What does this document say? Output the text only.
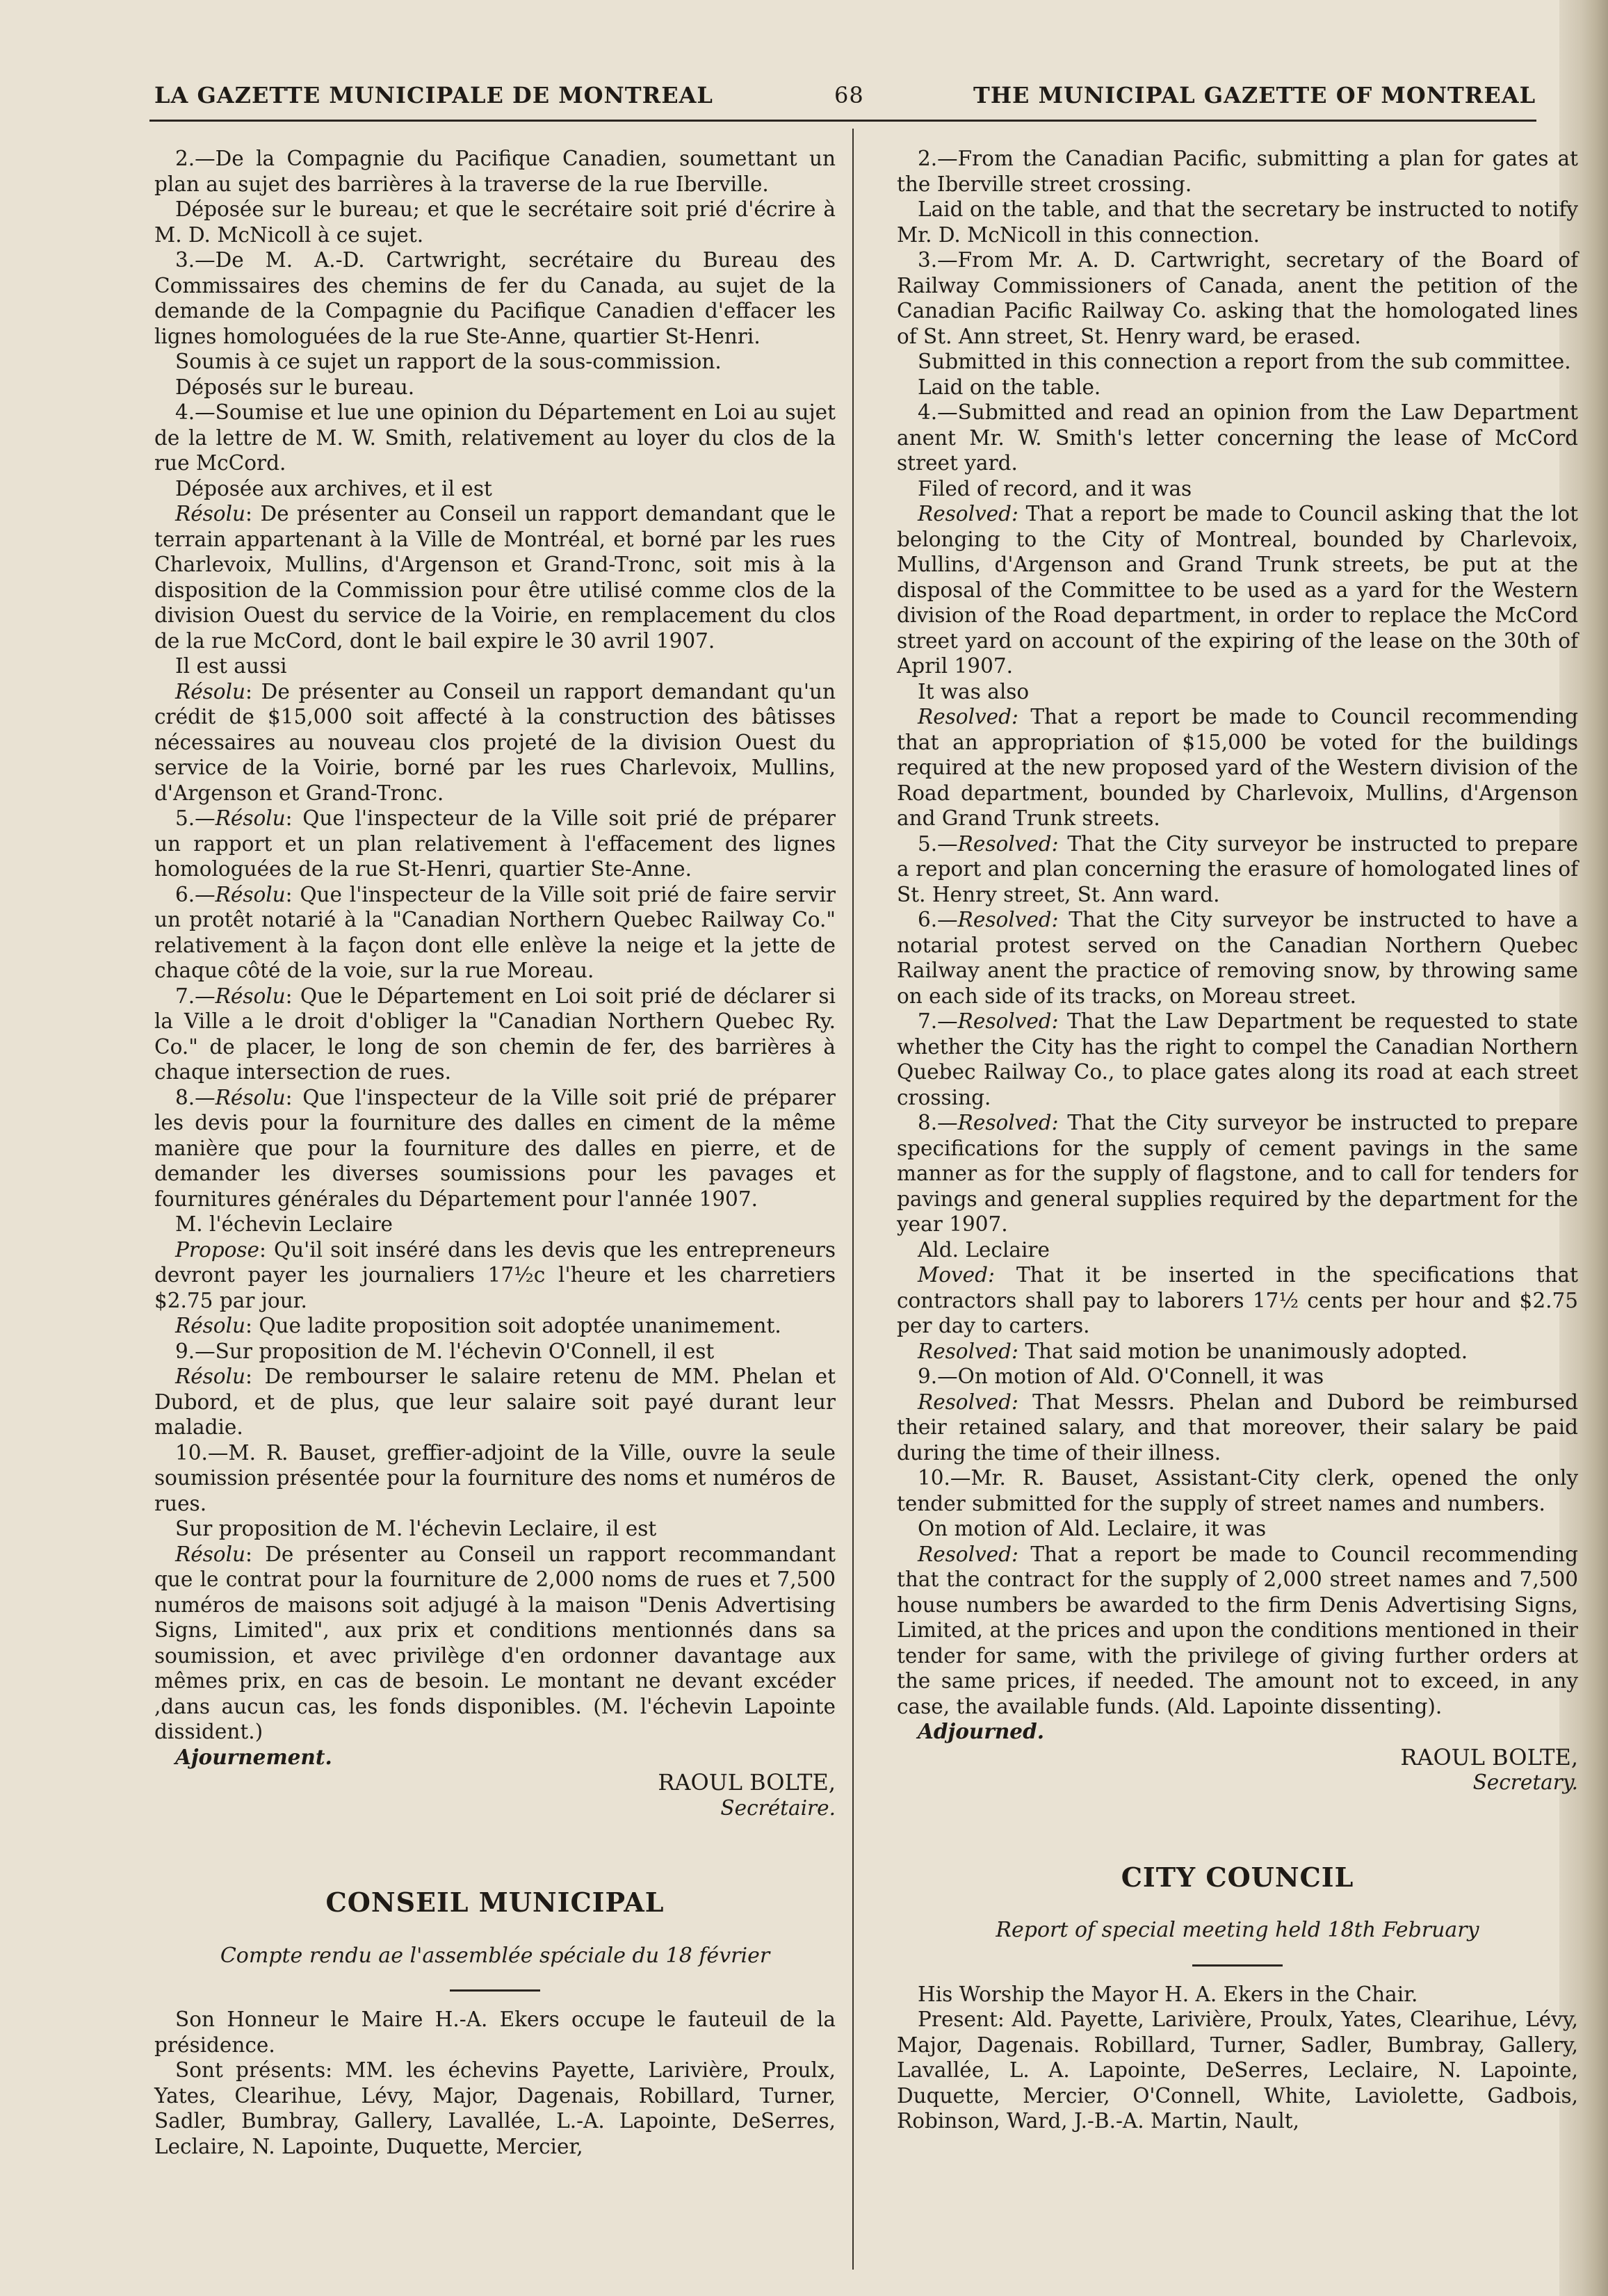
LA GAZETTE MUNICIPALE DE MONTREAL	68	THE MUNICIPAL GAZETTE OF MONTREAL

2.—De la Compagnie du Pacifique Canadien, soumettant un plan au sujet des barrières à la traverse de la rue Iberville.

Déposée sur le bureau; et que le secrétaire soit prié d'écrire à M. D. McNicoll à ce sujet.

3.—De M. A.-D. Cartwright, secrétaire du Bureau des Commissaires des chemins de fer du Canada, au sujet de la demande de la Compagnie du Pacifique Canadien d'effacer les lignes homologuées de la rue Ste-Anne, quartier St-Henri.

Soumis à ce sujet un rapport de la sous-commission.

Déposés sur le bureau.

4.—Soumise et lue une opinion du Département en Loi au sujet de la lettre de M. W. Smith, relativement au loyer du clos de la rue McCord.

Déposée aux archives, et il est

Résolu: De présenter au Conseil un rapport demandant que le terrain appartenant à la Ville de Montréal, et borné par les rues Charlevoix, Mullins, d'Argenson et Grand-Tronc, soit mis à la disposition de la Commission pour être utilisé comme clos de la division Ouest du service de la Voirie, en remplacement du clos de la rue McCord, dont le bail expire le 30 avril 1907.

Il est aussi

Résolu: De présenter au Conseil un rapport demandant qu'un crédit de $15,000 soit affecté à la construction des bâtisses nécessaires au nouveau clos projeté de la division Ouest du service de la Voirie, borné par les rues Charlevoix, Mullins, d'Argenson et Grand-Tronc.

5.—Résolu: Que l'inspecteur de la Ville soit prié de préparer un rapport et un plan relativement à l'effacement des lignes homologuées de la rue St-Henri, quartier Ste-Anne.

6.—Résolu: Que l'inspecteur de la Ville soit prié de faire servir un protêt notarié à la "Canadian Northern Quebec Railway Co." relativement à la façon dont elle enlève la neige et la jette de chaque côté de la voie, sur la rue Moreau.

7.—Résolu: Que le Département en Loi soit prié de déclarer si la Ville a le droit d'obliger la "Canadian Northern Quebec Ry. Co." de placer, le long de son chemin de fer, des barrières à chaque intersection de rues.

8.—Résolu: Que l'inspecteur de la Ville soit prié de préparer les devis pour la fourniture des dalles en ciment de la même manière que pour la fourniture des dalles en pierre, et de demander les diverses soumissions pour les pavages et fournitures générales du Département pour l'année 1907.

M. l'échevin Leclaire

Propose: Qu'il soit inséré dans les devis que les entrepreneurs devront payer les journaliers 17½c l'heure et les charretiers $2.75 par jour.

Résolu: Que ladite proposition soit adoptée unanimement.

9.—Sur proposition de M. l'échevin O'Connell, il est

Résolu: De rembourser le salaire retenu de MM. Phelan et Dubord, et de plus, que leur salaire soit payé durant leur maladie.

10.—M. R. Bauset, greffier-adjoint de la Ville, ouvre la seule soumission présentée pour la fourniture des noms et numéros de rues.

Sur proposition de M. l'échevin Leclaire, il est

Résolu: De présenter au Conseil un rapport recommandant que le contrat pour la fourniture de 2,000 noms de rues et 7,500 numéros de maisons soit adjugé à la maison "Denis Advertising Signs, Limited", aux prix et conditions mentionnés dans sa soumission, et avec privilège d'en ordonner davantage aux mêmes prix, en cas de besoin. Le montant ne devant excéder ,dans aucun cas, les fonds disponibles. (M. l'échevin Lapointe dissident.)

Ajournement.

RAOUL BOLTE,

Secrétaire.

CONSEIL MUNICIPAL

Compte rendu ae l'assemblée spéciale du 18 février

Son Honneur le Maire H.-A. Ekers occupe le fauteuil de la présidence.

Sont présents: MM. les échevins Payette, Larivière, Proulx, Yates, Clearihue, Lévy, Major, Dagenais, Robillard, Turner, Sadler, Bumbray, Gallery, Lavallée, L.-A. Lapointe, DeSerres, Leclaire, N. Lapointe, Duquette, Mercier,

2.—From the Canadian Pacific, submitting a plan for gates at the Iberville street crossing.

Laid on the table, and that the secretary be instructed to notify Mr. D. McNicoll in this connection.

3.—From Mr. A. D. Cartwright, secretary of the Board of Railway Commissioners of Canada, anent the petition of the Canadian Pacific Railway Co. asking that the homologated lines of St. Ann street, St. Henry ward, be erased.

Submitted in this connection a report from the sub committee.

Laid on the table.

4.—Submitted and read an opinion from the Law Department anent Mr. W. Smith's letter concerning the lease of McCord street yard.

Filed of record, and it was

Resolved: That a report be made to Council asking that the lot belonging to the City of Montreal, bounded by Charlevoix, Mullins, d'Argenson and Grand Trunk streets, be put at the disposal of the Committee to be used as a yard for the Western division of the Road department, in order to replace the McCord street yard on account of the expiring of the lease on the 30th of April 1907.

It was also

Resolved: That a report be made to Council recommending that an appropriation of $15,000 be voted for the buildings required at the new proposed yard of the Western division of the Road department, bounded by Charlevoix, Mullins, d'Argenson and Grand Trunk streets.

5.—Resolved: That the City surveyor be instructed to prepare a report and plan concerning the erasure of homologated lines of St. Henry street, St. Ann ward.

6.—Resolved: That the City surveyor be instructed to have a notarial protest served on the Canadian Northern Quebec Railway anent the practice of removing snow, by throwing same on each side of its tracks, on Moreau street.

7.—Resolved: That the Law Department be requested to state whether the City has the right to compel the Canadian Northern Quebec Railway Co., to place gates along its road at each street crossing.

8.—Resolved: That the City surveyor be instructed to prepare specifications for the supply of cement pavings in the same manner as for the supply of flagstone, and to call for tenders for pavings and general supplies required by the department for the year 1907.

Ald. Leclaire

Moved: That it be inserted in the specifications that contractors shall pay to laborers 17½ cents per hour and $2.75 per day to carters.

Resolved: That said motion be unanimously adopted.

9.—On motion of Ald. O'Connell, it was

Resolved: That Messrs. Phelan and Dubord be reimbursed their retained salary, and that moreover, their salary be paid during the time of their illness.

10.—Mr. R. Bauset, Assistant-City clerk, opened the only tender submitted for the supply of street names and numbers.

On motion of Ald. Leclaire, it was

Resolved: That a report be made to Council recommending that the contract for the supply of 2,000 street names and 7,500 house numbers be awarded to the firm Denis Advertising Signs, Limited, at the prices and upon the conditions mentioned in their tender for same, with the privilege of giving further orders at the same prices, if needed. The amount not to exceed, in any case, the available funds. (Ald. Lapointe dissenting).

Adjourned.

RAOUL BOLTE,

Secretary.

CITY COUNCIL

Report of special meeting held 18th February

His Worship the Mayor H. A. Ekers in the Chair.

Present: Ald. Payette, Larivière, Proulx, Yates, Clearihue, Lévy, Major, Dagenais. Robillard, Turner, Sadler, Bumbray, Gallery, Lavallée, L. A. Lapointe, DeSerres, Leclaire, N. Lapointe, Duquette, Mercier, O'Connell, White, Laviolette, Gadbois, Robinson, Ward, J.-B.-A. Martin, Nault,
